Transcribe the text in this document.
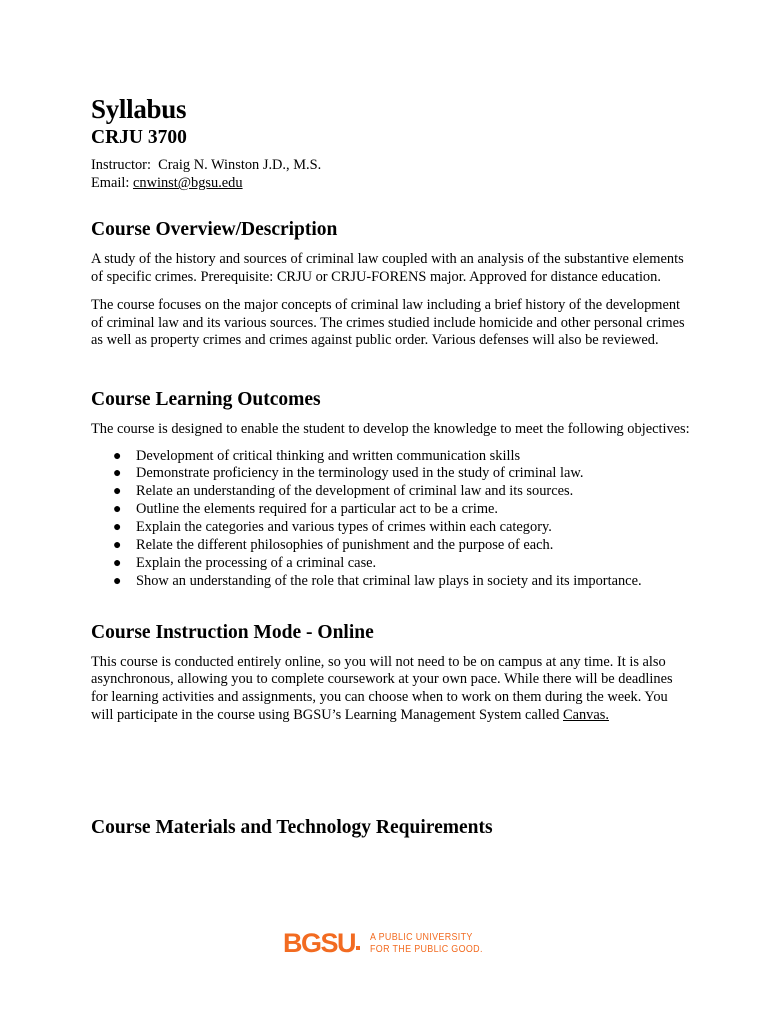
Syllabus
CRJU 3700
Instructor: Craig N. Winston J.D., M.S.
Email: cnwinst@bgsu.edu
Course Overview/Description

A study of the history and sources of criminal law coupled with an analysis of the substantive elements of specific crimes. Prerequisite: CRJU or CRJU-FORENS major. Approved for distance education.

The course focuses on the major concepts of criminal law including a brief history of the development of criminal law and its various sources. The crimes studied include homicide and other personal crimes as well as property crimes and crimes against public order. Various defenses will also be reviewed.

Course Learning Outcomes

The course is designed to enable the student to develop the knowledge to meet the following objectives:

● Development of critical thinking and written communication skills
● Demonstrate proficiency in the terminology used in the study of criminal law.
● Relate an understanding of the development of criminal law and its sources.
● Outline the elements required for a particular act to be a crime.
● Explain the categories and various types of crimes within each category.
● Relate the different philosophies of punishment and the purpose of each.
● Explain the processing of a criminal case.
● Show an understanding of the role that criminal law plays in society and its importance.
Course Instruction Mode - Online

This course is conducted entirely online, so you will not need to be on campus at any time. It is also asynchronous, allowing you to complete coursework at your own pace. While there will be deadlines for learning activities and assignments, you can choose when to work on them during the week. You will participate in the course using BGSU’s Learning Management System called Canvas.

Course Materials and Technology Requirements
BGSU	A PUBLIC UNIVERSITY
FOR THE PUBLIC GOOD.
